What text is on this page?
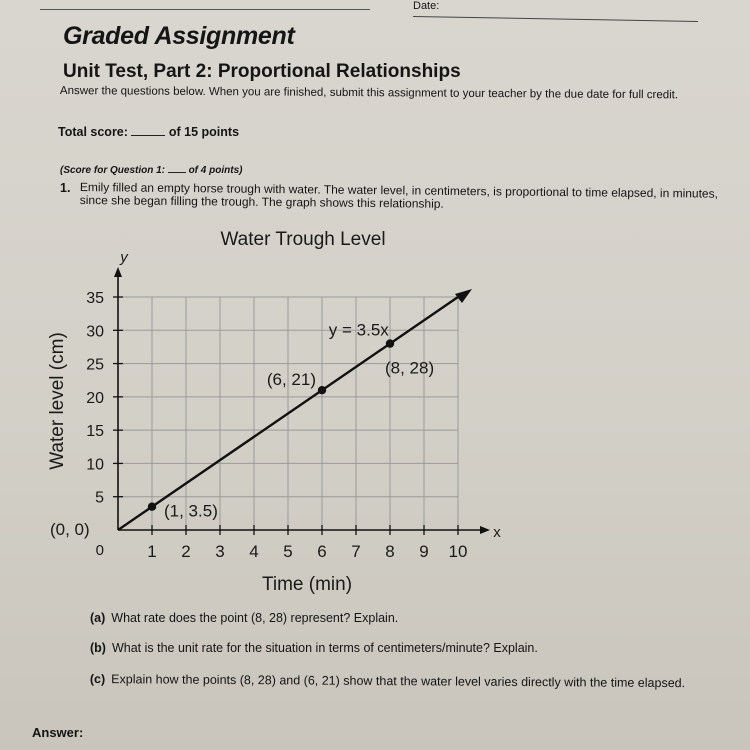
Date:
Graded Assignment
Unit Test, Part 2: Proportional Relationships
Answer the questions below. When you are finished, submit this assignment to your teacher by the due date for full credit.
Total score:	of 15 points
(Score for Question 1: of 4 points)
1. Emily filled an empty horse trough with water. The water level, in centimeters, is proportional to time elapsed, in minutes, since she began filling the trough. The graph shows this relationship.
1 2 3 4 5 6 7 8 9 10
5
10
15
20
25
30
35
0
(0, 0)
(1, 3.5)
(6, 21)
(8, 28)
y = 3.5x
Water Trough Level
Time (min)
Water level (cm)
y
x
(a) What rate does the point (8, 28) represent? Explain.
(b) What is the unit rate for the situation in terms of centimeters/minute? Explain.
(c) Explain how the points (8, 28) and (6, 21) show that the water level varies directly with the time elapsed.
Answer:
